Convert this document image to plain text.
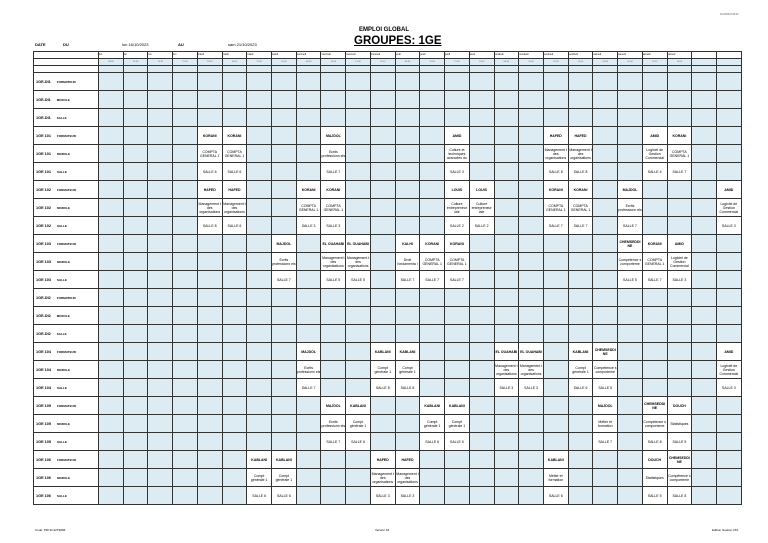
11/03/2023 09:02
EMPLOI GLOBAL
GROUPES: 1GE
DATE	DU	lun 16/10/2023	AU	sam 21/10/2023
	lun	lun	lun	lun	mardi	mardi	mardi	mardi	mercredi	mercredi	mercredi	mercredi	jeudi	jeudi	jeudi	jeudi	vendredi	vendredi	vendredi	vendredi	samedi	samedi	samedi	samedi		
	08:30	10:00	13:30	15:00	08:30	10:00	13:30	15:00	08:30	10:00	13:30	15:00	08:30	10:00	13:30	15:00	08:30	10:00	13:30	15:00	08:30	10:00	13:30	15:00		

1GE-DI1 FORMATEUR																										
1GE-DI1 MODULE																										
1GE-DI1 SALLE																										
1GE 101 FORMATEUR					KORANI	KORANI				MAJDOL					AMID				HAFED	HAFED			AMID	KORANI		
1GE 101 MODULE					COMPTA GENERAL 1	COMPTA GENERAL 1				Ecrits professionn els					Culture et techniques avancées du				Management t des organisations	Management t des organisations			Logiciel de Gestion Commercial	COMPTA GENERAL 1		
1GE 101 SALLE					SALLE 6	SALLE 6				SALLE 7					SALLE 3				SALLE 8	SALLE 8			SALLE 4	SALLE 7		
1GE 102 FORMATEUR					HAFED	HAFED			KORANI	KORANI					LOUIS	LOUIS			KORANI	KORANI		MAJDOL				AMID
1GE 102 MODULE					Management t des organisations	Management t des organisations			COMPTA GENERAL 1	COMPTA GENERAL 1					Culture entrepreneur iale	Culture entrepreneur iale			COMPTA GENERAL 1	COMPTA GENERAL 1		Ecrits professionn els				Logiciel de Gestion Commercial
1GE 102 SALLE					SALLE 8	SALLE 6			SALLE 3	SALLE 3					SALLE 2	SALLE 2			SALLE 7	SALLE 7		SALLE 7				SALLE 3
1GE 103 FORMATEUR								MAJDOL		EL OUAHABI	EL OUAHABI		KALHI	KORANI	KORANI							CHEMSEDDI NE	KORANI	AMID		
1GE 103 MODULE								Ecrits professionn els		Management t des organisations	Management t des organisations		Droit fondamenta l	COMPTA GENERAL 1	COMPTA GENERAL 1							Compétence s comporteme	COMPTA GENERAL 1	Logiciel de Gestion Commercial		
1GE 103 SALLE								SALLE 7		SALLE 5	SALLE 5		SALLE 7	SALLE 7	SALLE 7							SALLE 5	SALLE 7	SALLE 3		
1GE-DI2 FORMATEUR																										
1GE-DI2 MODULE																										
1GE-DI2 SALLE																										
1GE 104 FORMATEUR									MAJDOL			KABLANI	KABLANI				EL OUAHABI	EL OUAHABI		KABLANI	CHEMSEDDI NE					AMID
1GE 104 MODULE									Ecrits professionn els			Compt générale 1	Compt générale 1				Management t des organisations	Management t des organisations		Compt générale 1	Compétence s comporteme					Logiciel de Gestion Commercial
1GE 104 SALLE									SALLE 7			SALLE 8	SALLE 8				SALLE 3	SALLE 3		SALLE 6	SALLE 5					SALLE 3
1GE 105 FORMATEUR										MAJDOL	KABLANI			KABLANI	KABLANI						MAJDOL		CHEMSEDDI NE	DOUCH		
1GE 105 MODULE										Ecrits professionn els	Compt générale 1			Compt générale 1	Compt générale 1						Métier et formation		Compétence s comporteme	Statistiques		
1GE 105 SALLE										SALLE 7	SALLE 6			SALLE 6	SALLE 6						SALLE 7		SALLE 8	SALLE 5		
1GE 106 FORMATEUR							KABLANI	KABLANI				HAFED	HAFED						KABLANI				DOUCH	CHEMSEDDI NE		
1GE 106 MODULE							Compt générale 1	Compt générale 1				Management t des organisations	Management t des organisations						Métier et formation				Statistiques	Compétence s comporteme		
1GE 106 SALLE							SALLE 6	SALLE 6				SALLE 3	SALLE 3						SALLE 6				SALLE 5	SALLE 8		
Code: PRI 9C12T9696	Version 18	Edition Gestion 2K1
